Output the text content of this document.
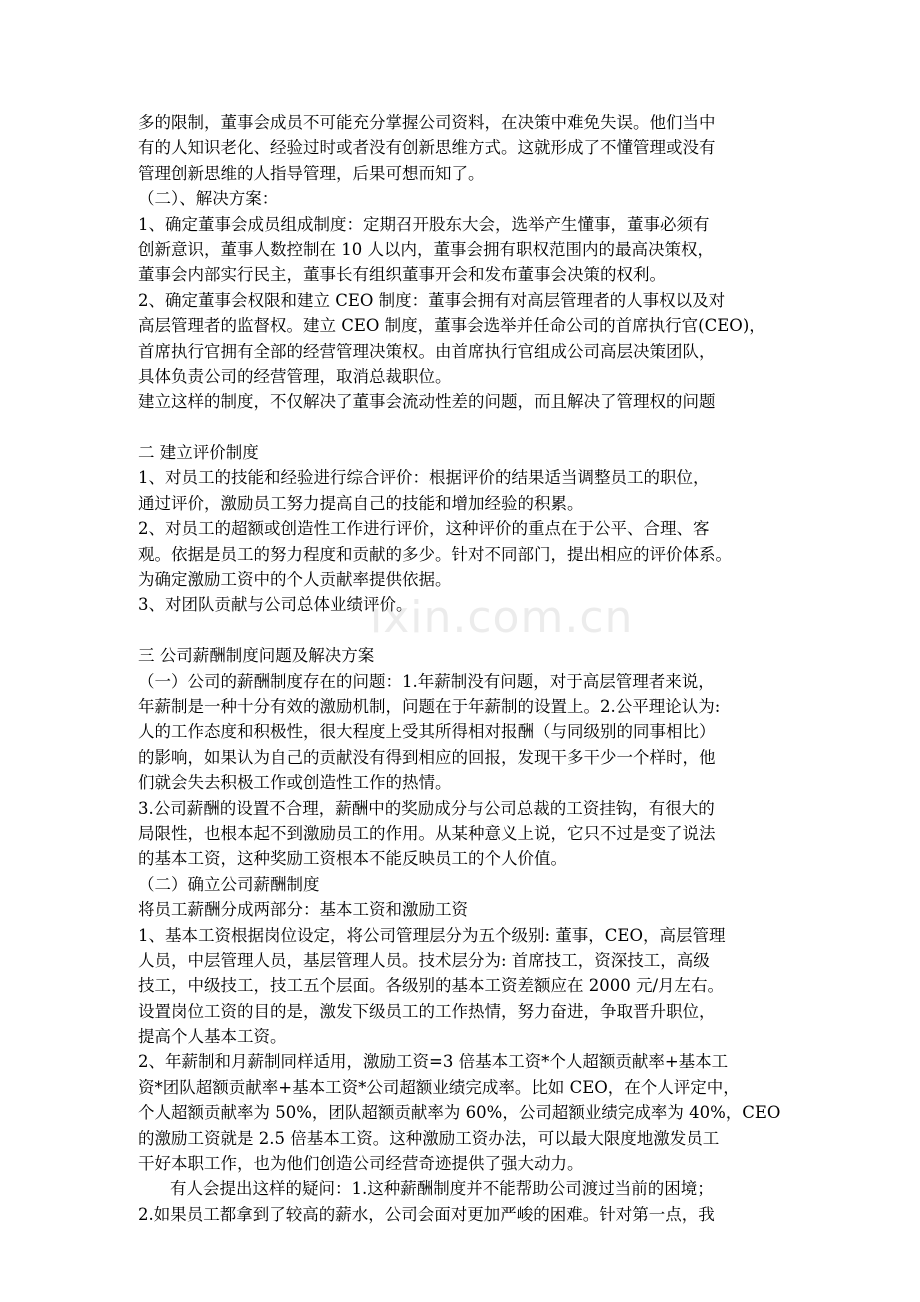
ixin.com.cn
多的限制，董事会成员不可能充分掌握公司资料，在决策中难免失误。他们当中
有的人知识老化、经验过时或者没有创新思维方式。这就形成了不懂管理或没有
管理创新思维的人指导管理，后果可想而知了。
（二）、解决方案：
1、确定董事会成员组成制度：定期召开股东大会，选举产生懂事，董事必须有
创新意识，董事人数控制在 10 人以内，董事会拥有职权范围内的最高决策权，
董事会内部实行民主，董事长有组织董事开会和发布董事会决策的权利。
2、确定董事会权限和建立 CEO 制度：董事会拥有对高层管理者的人事权以及对
高层管理者的监督权。建立 CEO 制度，董事会选举并任命公司的首席执行官(CEO)，
首席执行官拥有全部的经营管理决策权。由首席执行官组成公司高层决策团队，
具体负责公司的经营管理，取消总裁职位。
建立这样的制度，不仅解决了董事会流动性差的问题，而且解决了管理权的问题
二 建立评价制度
1、对员工的技能和经验进行综合评价：根据评价的结果适当调整员工的职位，
通过评价，激励员工努力提高自己的技能和增加经验的积累。
2、对员工的超额或创造性工作进行评价，这种评价的重点在于公平、合理、客
观。依据是员工的努力程度和贡献的多少。针对不同部门，提出相应的评价体系。
为确定激励工资中的个人贡献率提供依据。
3、对团队贡献与公司总体业绩评价。
三 公司薪酬制度问题及解决方案
（一）公司的薪酬制度存在的问题：1.年薪制没有问题，对于高层管理者来说，
年薪制是一种十分有效的激励机制，问题在于年薪制的设置上。2.公平理论认为:
人的工作态度和积极性，很大程度上受其所得相对报酬（与同级别的同事相比）
的影响，如果认为自己的贡献没有得到相应的回报，发现干多干少一个样时，他
们就会失去积极工作或创造性工作的热情。
3.公司薪酬的设置不合理，薪酬中的奖励成分与公司总裁的工资挂钩，有很大的
局限性，也根本起不到激励员工的作用。从某种意义上说，它只不过是变了说法
的基本工资，这种奖励工资根本不能反映员工的个人价值。
（二）确立公司薪酬制度
将员工薪酬分成两部分：基本工资和激励工资
1、基本工资根据岗位设定，将公司管理层分为五个级别: 董事，CEO，高层管理
人员，中层管理人员，基层管理人员。技术层分为: 首席技工，资深技工，高级
技工，中级技工，技工五个层面。各级别的基本工资差额应在 2000 元/月左右。
设置岗位工资的目的是，激发下级员工的工作热情，努力奋进，争取晋升职位，
提高个人基本工资。
2、年薪制和月薪制同样适用，激励工资=3 倍基本工资*个人超额贡献率+基本工
资*团队超额贡献率+基本工资*公司超额业绩完成率。比如 CEO，在个人评定中，
个人超额贡献率为 50%，团队超额贡献率为 60%，公司超额业绩完成率为 40%，CEO
的激励工资就是 2.5 倍基本工资。这种激励工资办法，可以最大限度地激发员工
干好本职工作，也为他们创造公司经营奇迹提供了强大动力。
有人会提出这样的疑问：1.这种薪酬制度并不能帮助公司渡过当前的困境；
2.如果员工都拿到了较高的薪水，公司会面对更加严峻的困难。针对第一点，我
